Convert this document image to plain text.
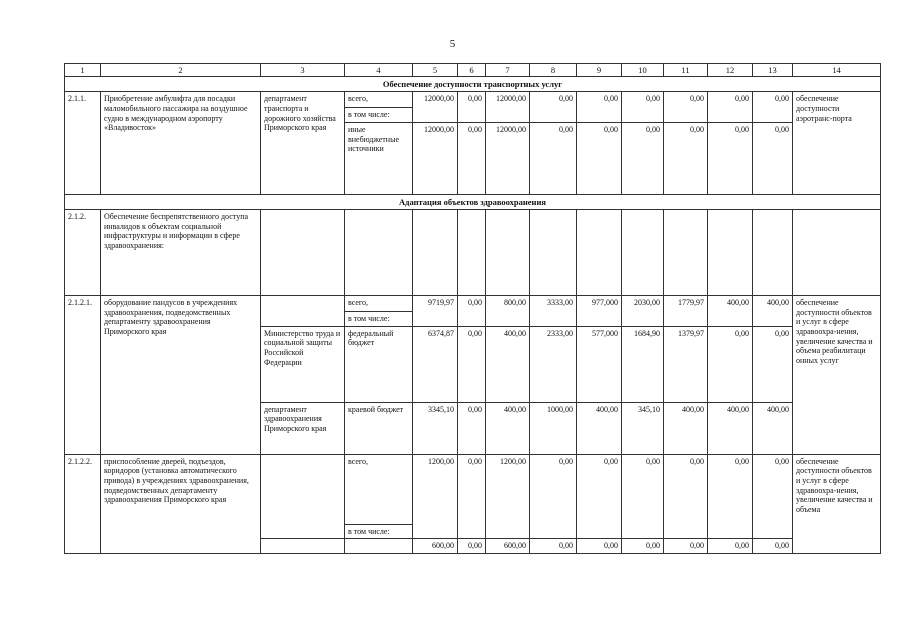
5
1	2	3	4	5	6	7	8	9	10	11	12	13	14
Обеспечение доступности транспортных услуг													
2.1.1.	Приобретение амбулифта для посадки маломобильного пассажира на воздушное судно в международном аэропорту «Владивосток»	департамент транспорта и дорожного хозяйства Приморского края	всего,	12000,00	0,00	12000,00	0,00	0,00	0,00	0,00	0,00	0,00	обеспечение доступности аэротранс-порта
			в том числе:										
			иные внебюджетные источники	12000,00	0,00	12000,00	0,00	0,00	0,00	0,00	0,00	0,00	
Адаптация объектов здравоохранения													
2.1.2.	Обеспечение беспрепятственного доступа инвалидов к объектам социальной инфраструктуры и информации в сфере здравоохранения:												
2.1.2.1.	оборудование пандусов в учреждениях здравоохранения, подведомственных департаменту здравоохранения Приморского края		всего,	9719,97	0,00	800,00	3333,00	977,000	2030,00	1779,97	400,00	400,00	обеспечение доступности объектов и услуг в сфере здравоохра-нения, увеличение качества и объема реабилитаци онных услуг
			в том числе:										
		Министерство труда и социальной защиты Российской Федерации	федеральный бюджет	6374,87	0,00	400,00	2333,00	577,000	1684,90	1379,97	0,00	0,00	
		департамент здравоохранения Приморского края	краевой бюджет	3345,10	0,00	400,00	1000,00	400,00	345,10	400,00	400,00	400,00	
2.1.2.2.	приспособление дверей, подъездов, коридоров (установка автоматического привода) в учреждениях здравоохранения, подведомственных департаменту здравоохранения Приморского края		всего,	1200,00	0,00	1200,00	0,00	0,00	0,00	0,00	0,00	0,00	обеспечение доступности объектов и услуг в сфере здравоохра-нения, увеличение качества и объема
			в том числе:										
				600,00	0,00	600,00	0,00	0,00	0,00	0,00	0,00	0,00	
